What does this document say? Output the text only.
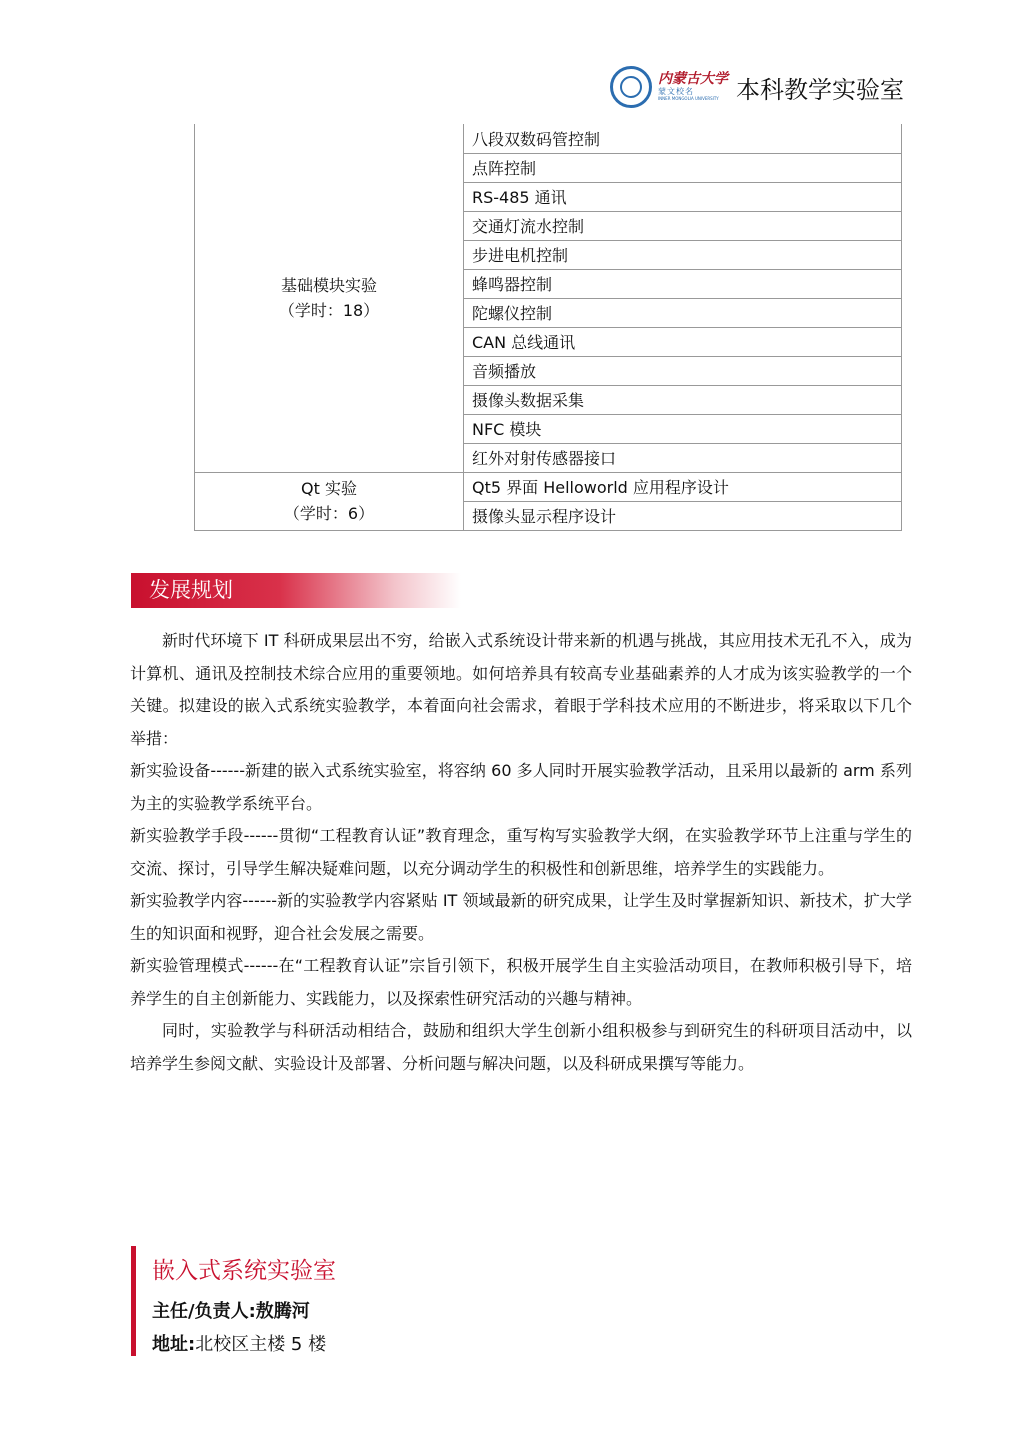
内蒙古大学
蒙文校名
INNER MONGOLIA UNIVERSITY 本科教学实验室
基础模块实验
（学时：18）	八段双数码管控制
	点阵控制
	RS-485 通讯
	交通灯流水控制
	步进电机控制
	蜂鸣器控制
	陀螺仪控制
	CAN 总线通讯
	音频播放
	摄像头数据采集
	NFC 模块
	红外对射传感器接口

Qt 实验
（学时：6）	Qt5 界面 Helloworld 应用程序设计
	摄像头显示程序设计
发展规划

新时代环境下 IT 科研成果层出不穷，给嵌入式系统设计带来新的机遇与挑战，其应用技术无孔不入，成为计算机、通讯及控制技术综合应用的重要领地。如何培养具有较高专业基础素养的人才成为该实验教学的一个关键。拟建设的嵌入式系统实验教学，本着面向社会需求，着眼于学科技术应用的不断进步，将采取以下几个举措：

新实验设备------新建的嵌入式系统实验室，将容纳 60 多人同时开展实验教学活动，且采用以最新的 arm 系列为主的实验教学系统平台。

新实验教学手段------贯彻“工程教育认证”教育理念，重写构写实验教学大纲，在实验教学环节上注重与学生的交流、探讨，引导学生解决疑难问题，以充分调动学生的积极性和创新思维，培养学生的实践能力。

新实验教学内容------新的实验教学内容紧贴 IT 领域最新的研究成果，让学生及时掌握新知识、新技术，扩大学生的知识面和视野，迎合社会发展之需要。

新实验管理模式------在“工程教育认证”宗旨引领下，积极开展学生自主实验活动项目，在教师积极引导下，培养学生的自主创新能力、实践能力，以及探索性研究活动的兴趣与精神。

同时，实验教学与科研活动相结合，鼓励和组织大学生创新小组积极参与到研究生的科研项目活动中，以培养学生参阅文献、实验设计及部署、分析问题与解决问题，以及科研成果撰写等能力。

嵌入式系统实验室
主任/负责人:敖腾河
地址:北校区主楼 5 楼
